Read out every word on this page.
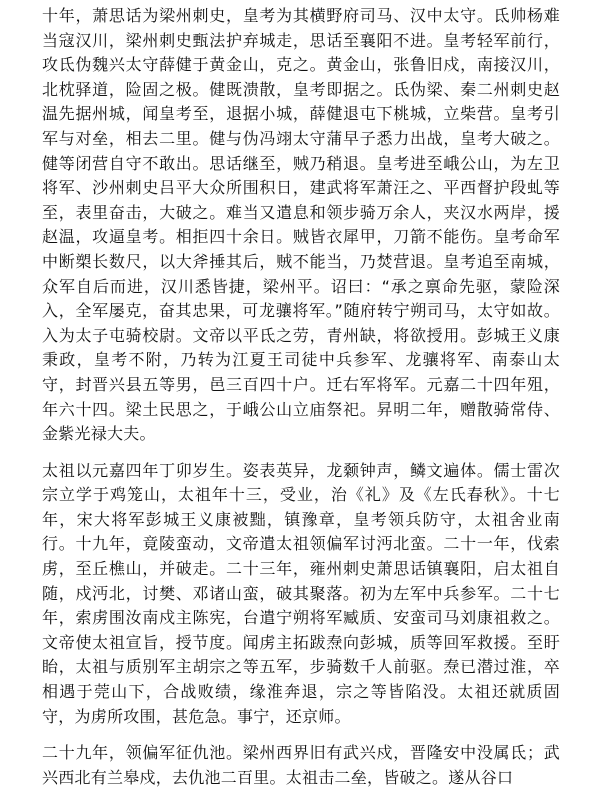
十年，萧思话为梁州刺史，皇考为其横野府司马、汉中太守。氐帅杨难当寇汉川，梁州刺史甄法护弃城走，思话至襄阳不进。皇考轻军前行，攻氐伪魏兴太守薛健于黄金山，克之。黄金山，张鲁旧戍，南接汉川，北枕驿道，险固之极。健既溃散，皇考即据之。氐伪梁、秦二州刺史赵温先据州城，闻皇考至，退据小城，薛健退屯下桃城，立柴营。皇考引军与对垒，相去二里。健与伪冯翊太守蒲早子悉力出战，皇考大破之。健等闭营自守不敢出。思话继至，贼乃稍退。皇考进至峨公山，为左卫将军、沙州刺史吕平大众所围积日，建武将军萧汪之、平西督护段虬等至，表里奋击，大破之。难当又遣息和领步骑万余人，夹汉水两岸，援赵温，攻逼皇考。相拒四十余日。贼皆衣犀甲，刀箭不能伤。皇考命军中断槊长数尺，以大斧捶其后，贼不能当，乃焚营退。皇考追至南城，众军自后而进，汉川悉皆捷，梁州平。诏曰：“承之禀命先驱，蒙险深入，全军屡克，奋其忠果，可龙骧将军。”随府转宁朔司马，太守如故。入为太子屯骑校尉。文帝以平氐之劳，青州缺，将欲授用。彭城王义康秉政，皇考不附，乃转为江夏王司徒中兵参军、龙骧将军、南泰山太守，封晋兴县五等男，邑三百四十户。迁右军将军。元嘉二十四年殂，年六十四。梁土民思之，于峨公山立庙祭祀。昇明二年，赠散骑常侍、金紫光禄大夫。

太祖以元嘉四年丁卯岁生。姿表英异，龙颡钟声，鳞文遍体。儒士雷次宗立学于鸡笼山，太祖年十三，受业，治《礼》及《左氏春秋》。十七年，宋大将军彭城王义康被黜，镇豫章，皇考领兵防守，太祖舍业南行。十九年，竟陵蛮动，文帝遣太祖领偏军讨沔北蛮。二十一年，伐索虏，至丘樵山，并破走。二十三年，雍州刺史萧思话镇襄阳，启太祖自随，戍沔北，讨樊、邓诸山蛮，破其聚落。初为左军中兵参军。二十七年，索虏围汝南戍主陈宪，台遣宁朔将军臧质、安蛮司马刘康祖救之。文帝使太祖宣旨，授节度。闻虏主拓跋焘向彭城，质等回军救援。至盱眙，太祖与质别军主胡宗之等五军，步骑数千人前驱。焘已潜过淮，卒相遇于莞山下，合战败绩，缘淮奔退，宗之等皆陷没。太祖还就质固守，为虏所攻围，甚危急。事宁，还京师。

二十九年，领偏军征仇池。梁州西界旧有武兴戍，晋隆安中没属氐；武兴西北有兰皋戍，去仇池二百里。太祖击二垒，皆破之。遂从谷口
